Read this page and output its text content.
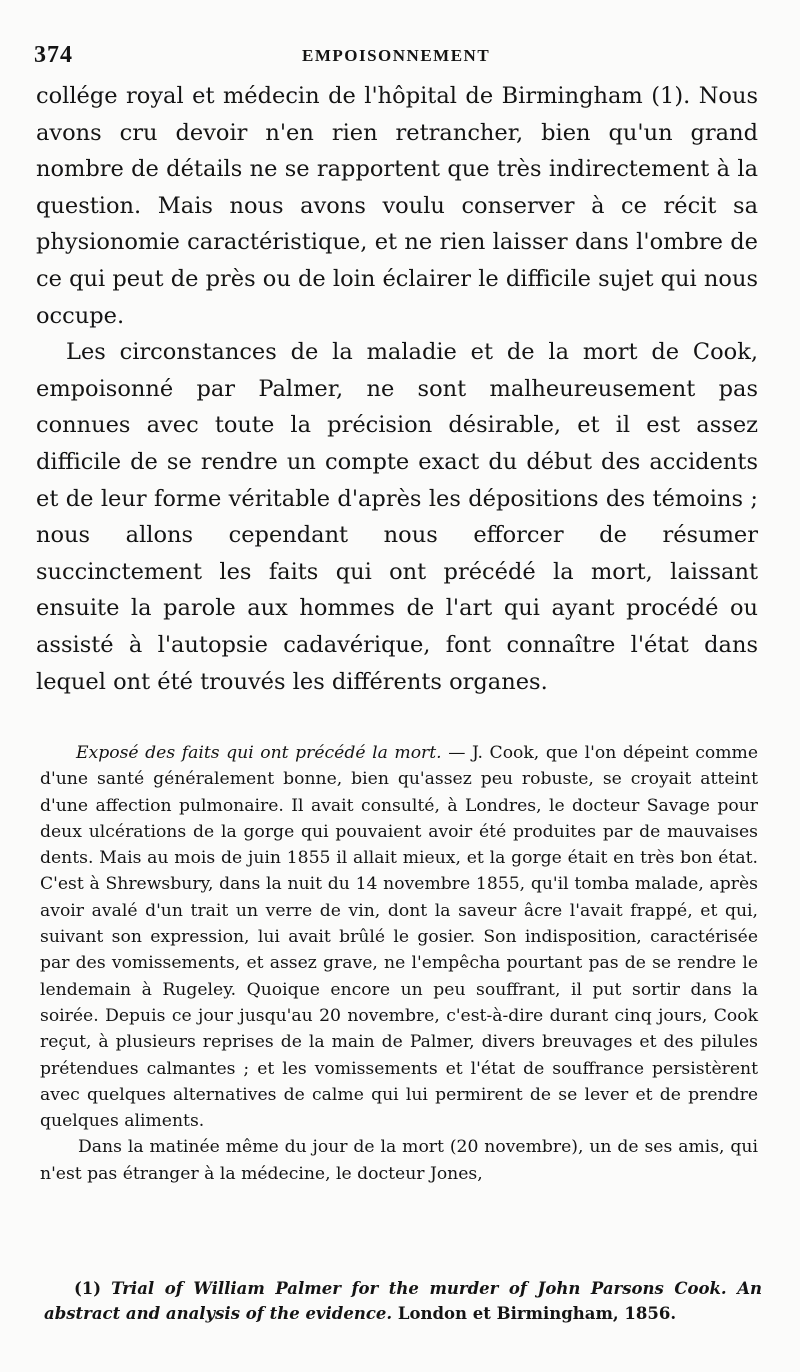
374	EMPOISONNEMENT

collége royal et médecin de l'hôpital de Birmingham (1). Nous avons cru devoir n'en rien retrancher, bien qu'un grand nombre de détails ne se rapportent que très indirectement à la question. Mais nous avons voulu conserver à ce récit sa physionomie caractéristique, et ne rien laisser dans l'ombre de ce qui peut de près ou de loin éclairer le difficile sujet qui nous occupe.

Les circonstances de la maladie et de la mort de Cook, empoisonné par Palmer, ne sont malheureusement pas connues avec toute la précision désirable, et il est assez difficile de se rendre un compte exact du début des accidents et de leur forme véritable d'après les dépositions des témoins ; nous allons cependant nous efforcer de résumer succinctement les faits qui ont précédé la mort, laissant ensuite la parole aux hommes de l'art qui ayant procédé ou assisté à l'autopsie cadavérique, font connaître l'état dans lequel ont été trouvés les différents organes.

Exposé des faits qui ont précédé la mort. — J. Cook, que l'on dépeint comme d'une santé généralement bonne, bien qu'assez peu robuste, se croyait atteint d'une affection pulmonaire. Il avait consulté, à Londres, le docteur Savage pour deux ulcérations de la gorge qui pouvaient avoir été produites par de mauvaises dents. Mais au mois de juin 1855 il allait mieux, et la gorge était en très bon état. C'est à Shrewsbury, dans la nuit du 14 novembre 1855, qu'il tomba malade, après avoir avalé d'un trait un verre de vin, dont la saveur âcre l'avait frappé, et qui, suivant son expression, lui avait brûlé le gosier. Son indisposition, caractérisée par des vomissements, et assez grave, ne l'empêcha pourtant pas de se rendre le lendemain à Rugeley. Quoique encore un peu souffrant, il put sortir dans la soirée. Depuis ce jour jusqu'au 20 novembre, c'est-à-dire durant cinq jours, Cook reçut, à plusieurs reprises de la main de Palmer, divers breuvages et des pilules prétendues calmantes ; et les vomissements et l'état de souffrance persistèrent avec quelques alternatives de calme qui lui permirent de se lever et de prendre quelques aliments.

Dans la matinée même du jour de la mort (20 novembre), un de ses amis, qui n'est pas étranger à la médecine, le docteur Jones,

(1) Trial of William Palmer for the murder of John Parsons Cook. An abstract and analysis of the evidence. London et Birmingham, 1856.
